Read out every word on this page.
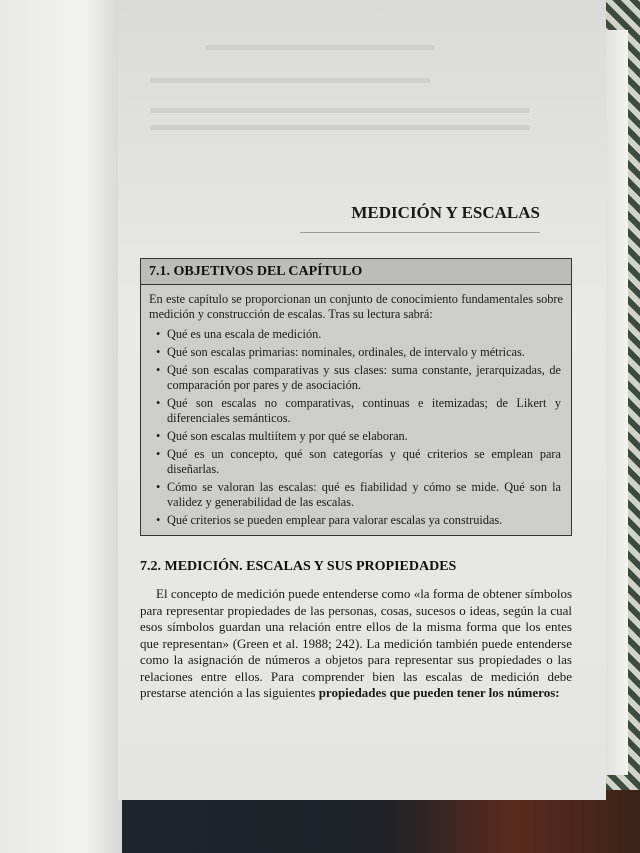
MEDICIÓN Y ESCALAS
7.1. OBJETIVOS DEL CAPÍTULO
En este capítulo se proporcionan un conjunto de conocimiento fundamentales sobre medición y construcción de escalas. Tras su lectura sabrá:
• Qué es una escala de medición.
• Qué son escalas primarias: nominales, ordinales, de intervalo y métricas.
• Qué son escalas comparativas y sus clases: suma constante, jerarquizadas, de comparación por pares y de asociación.
• Qué son escalas no comparativas, continuas e itemizadas; de Likert y diferenciales semánticos.
• Qué son escalas multiítem y por qué se elaboran.
• Qué es un concepto, qué son categorías y qué criterios se emplean para diseñarlas.
• Cómo se valoran las escalas: qué es fiabilidad y cómo se mide. Qué son la validez y generabilidad de las escalas.
• Qué criterios se pueden emplear para valorar escalas ya construidas.
7.2. MEDICIÓN. ESCALAS Y SUS PROPIEDADES
El concepto de medición puede entenderse como «la forma de obtener símbolos para representar propiedades de las personas, cosas, sucesos o ideas, según la cual esos símbolos guardan una relación entre ellos de la misma forma que los entes que representan» (Green et al. 1988; 242). La medición también puede entenderse como la asignación de números a objetos para representar sus propiedades o las relaciones entre ellos. Para comprender bien las escalas de medición debe prestarse atención a las siguientes propiedades que pueden tener los números:
